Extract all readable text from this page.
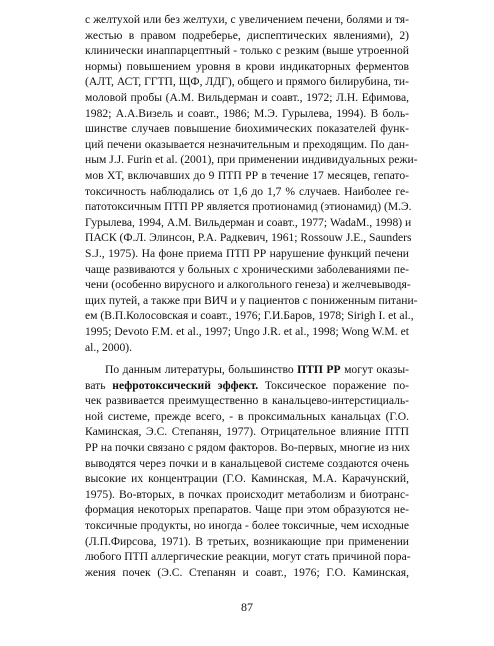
с желтухой или без желтухи, с увеличением печени, болями и тя-
жестью в правом подреберье, диспептических явлениями), 2)
клинически инаппарцептный - только с резким (выше утроенной
нормы) повышением уровня в крови индикаторных ферментов
(АЛТ, АСТ, ГГТП, ЩФ, ЛДГ), общего и прямого билирубина, ти-
моловой пробы (А.М. Вильдерман и соавт., 1972; Л.Н. Ефимова,
1982; А.А.Визель и соавт., 1986; М.Э. Гурылева, 1994). В боль-
шинстве случаев повышение биохимических показателей функ-
ций печени оказывается незначительным и преходящим. По дан-
ным J.J. Furin et al. (2001), при применении индивидуальных режи-
мов ХТ, включавших до 9 ПТП РР в течение 17 месяцев, гепато-
токсичность наблюдались от 1,6 до 1,7 % случаев. Наиболее ге-
патотоксичным ПТП РР является протионамид (этионамид) (М.Э.
Гурылева, 1994, А.М. Вильдерман и соавт., 1977; WadaM., 1998) и
ПАСК (Ф.Л. Элинсон, Р.А. Радкевич, 1961; Rossouw J.E., Saunders
S.J., 1975). На фоне приема ПТП РР нарушение функций печени
чаще развиваются у больных с хроническими заболеваниями пе-
чени (особенно вирусного и алкогольного генеза) и желчевыводя-
щих путей, а также при ВИЧ и у пациентов с пониженным питани-
ем (В.П.Колосовская и соавт., 1976; Г.И.Баров, 1978; Sirigh I. et al.,
1995; Devoto F.M. et al., 1997; Ungo J.R. et al., 1998; Wong W.M. et
al., 2000).
По данным литературы, большинство ПТП РР могут оказы-
вать нефротоксический эффект. Токсическое поражение по-
чек развивается преимущественно в канальцево-интерстициаль-
ной системе, прежде всего, - в проксимальных канальцах (Г.О.
Каминская, Э.С. Степанян, 1977). Отрицательное влияние ПТП
РР на почки связано с рядом факторов. Во-первых, многие из них
выводятся через почки и в канальцевой системе создаются очень
высокие их концентрации (Г.О. Каминская, М.А. Карачунский,
1975). Во-вторых, в почках происходит метаболизм и биотранс-
формация некоторых препаратов. Чаще при этом образуются не-
токсичные продукты, но иногда - более токсичные, чем исходные
(Л.П.Фирсова, 1971). В третьих, возникающие при применении
любого ПТП аллергические реакции, могут стать причиной пора-
жения почек (Э.С. Степанян и соавт., 1976; Г.О. Каминская,
87
